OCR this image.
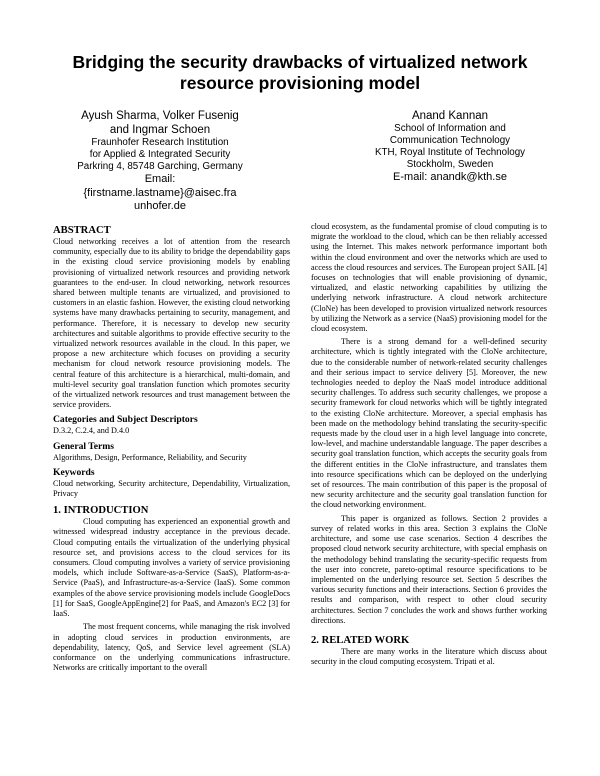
Bridging the security drawbacks of virtualized network resource provisioning model
Ayush Sharma, Volker Fusenig
and Ingmar Schoen
Fraunhofer Research Institution
for Applied & Integrated Security
Parkring 4, 85748 Garching, Germany
Email:
{firstname.lastname}@aisec.fra
unhofer.de
Anand Kannan
School of Information and
Communication Technology
KTH, Royal Institute of Technology
Stockholm, Sweden
E-mail: anandk@kth.se
ABSTRACT

Cloud networking receives a lot of attention from the research community, especially due to its ability to bridge the dependability gaps in the existing cloud service provisioning models by enabling provisioning of virtualized network resources and providing network guarantees to the end-user. In cloud networking, network resources shared between multiple tenants are virtualized, and provisioned to customers in an elastic fashion. However, the existing cloud networking systems have many drawbacks pertaining to security, management, and performance. Therefore, it is necessary to develop new security architectures and suitable algorithms to provide effective security to the virtualized network resources available in the cloud. In this paper, we propose a new architecture which focuses on providing a security mechanism for cloud network resource provisioning models. The central feature of this architecture is a hierarchical, multi-domain, and multi-level security goal translation function which promotes security of the virtualized network resources and trust management between the service providers.

Categories and Subject Descriptors

D.3.2, C.2.4, and D.4.0

General Terms

Algorithms, Design, Performance, Reliability, and Security

Keywords

Cloud networking, Security architecture, Dependability, Virtualization, Privacy

1. INTRODUCTION

Cloud computing has experienced an exponential growth and witnessed widespread industry acceptance in the previous decade. Cloud computing entails the virtualization of the underlying physical resource set, and provisions access to the cloud services for its consumers. Cloud computing involves a variety of service provisioning models, which include Software-as-a-Service (SaaS), Platform-as-a-Service (PaaS), and Infrastructure-as-a-Service (IaaS). Some common examples of the above service provisioning models include GoogleDocs [1] for SaaS, GoogleAppEngine[2] for PaaS, and Amazon's EC2 [3] for IaaS.

The most frequent concerns, while managing the risk involved in adopting cloud services in production environments, are dependability, latency, QoS, and Service level agreement (SLA) conformance on the underlying communications infrastructure. Networks are critically important to the overall

cloud ecosystem, as the fundamental promise of cloud computing is to migrate the workload to the cloud, which can be then reliably accessed using the Internet. This makes network performance important both within the cloud environment and over the networks which are used to access the cloud resources and services. The European project SAIL [4] focuses on technologies that will enable provisioning of dynamic, virtualized, and elastic networking capabilities by utilizing the underlying network infrastructure. A cloud network architecture (CloNe) has been developed to provision virtualized network resources by utilizing the Network as a service (NaaS) provisioning model for the cloud ecosystem.

There is a strong demand for a well-defined security architecture, which is tightly integrated with the CloNe architecture, due to the considerable number of network-related security challenges and their serious impact to service delivery [5]. Moreover, the new technologies needed to deploy the NaaS model introduce additional security challenges. To address such security challenges, we propose a security framework for cloud networks which will be tightly integrated to the existing CloNe architecture. Moreover, a special emphasis has been made on the methodology behind translating the security-specific requests made by the cloud user in a high level language into concrete, low-level, and machine understandable language. The paper describes a security goal translation function, which accepts the security goals from the different entities in the CloNe infrastructure, and translates them into resource specifications which can be deployed on the underlying set of resources. The main contribution of this paper is the proposal of new security architecture and the security goal translation function for the cloud networking environment.

This paper is organized as follows. Section 2 provides a survey of related works in this area. Section 3 explains the CloNe architecture, and some use case scenarios. Section 4 describes the proposed cloud network security architecture, with special emphasis on the methodology behind translating the security-specific requests from the user into concrete, pareto-optimal resource specifications to be implemented on the underlying resource set. Section 5 describes the various security functions and their interactions. Section 6 provides the results and comparison, with respect to other cloud security architectures. Section 7 concludes the work and shows further working directions.

2. RELATED WORK

There are many works in the literature which discuss about security in the cloud computing ecosystem. Tripati et al.
